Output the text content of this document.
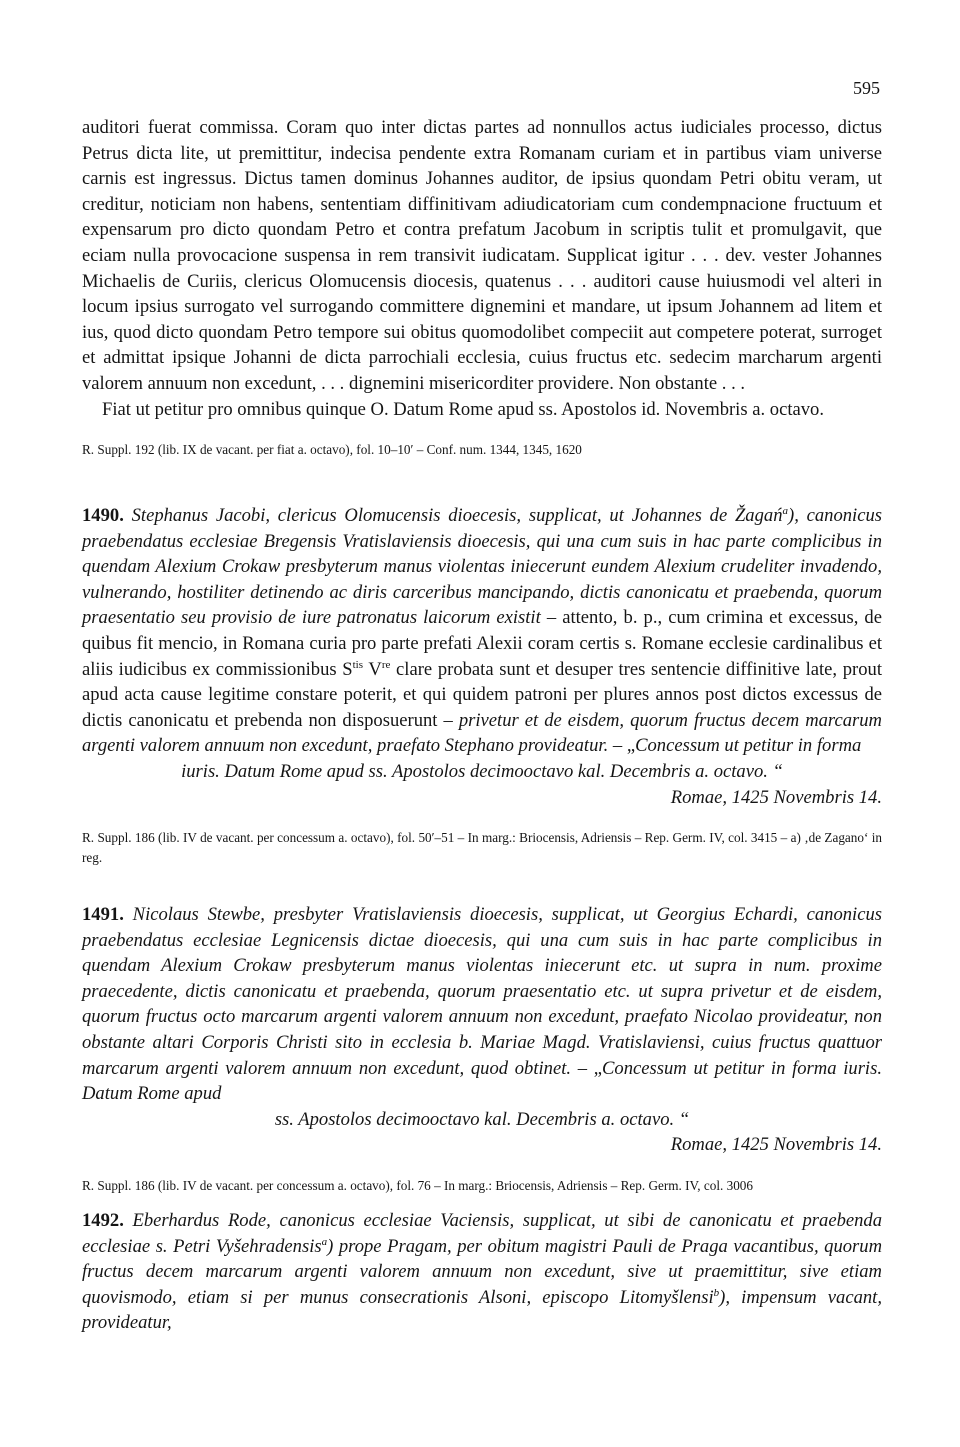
595

auditori fuerat commissa. Coram quo inter dictas partes ad nonnullos actus iudiciales processo, dictus Petrus dicta lite, ut premittitur, indecisa pendente extra Romanam curiam et in partibus viam universe carnis est ingressus. Dictus tamen dominus Johannes auditor, de ipsius quondam Petri obitu veram, ut creditur, noticiam non habens, sententiam diffinitivam adiudicatoriam cum condempnacione fructuum et expensarum pro dicto quondam Petro et contra prefatum Jacobum in scriptis tulit et promulgavit, que eciam nulla provocacione suspensa in rem transivit iudicatam. Supplicat igitur . . . dev. vester Johannes Michaelis de Curiis, clericus Olomucensis diocesis, quatenus . . . auditori cause huiusmodi vel alteri in locum ipsius surrogato vel surrogando committere dignemini et mandare, ut ipsum Johannem ad litem et ius, quod dicto quondam Petro tempore sui obitus quomodolibet compeciit aut competere poterat, surroget et admittat ipsique Johanni de dicta parrochiali ecclesia, cuius fructus etc. sedecim marcharum argenti valorem annuum non excedunt, . . . dignemini misericorditer providere. Non obstante . . .

Fiat ut petitur pro omnibus quinque O. Datum Rome apud ss. Apostolos id. Novembris a. octavo.

R. Suppl. 192 (lib. IX de vacant. per fiat a. octavo), fol. 10–10′ – Conf. num. 1344, 1345, 1620

1490. Stephanus Jacobi, clericus Olomucensis dioecesis, supplicat, ut Johannes de Žagań$^a$), canonicus praebendatus ecclesiae Bregensis Vratislaviensis dioecesis, qui una cum suis in hac parte complicibus in quendam Alexium Crokaw presbyterum manus violentas iniecerunt eundem Alexium crudeliter invadendo, vulnerando, hostiliter detinendo ac diris carceribus mancipando, dictis canonicatu et praebenda, quorum praesentatio seu provisio de iure patronatus laicorum existit – attento, b. p., cum crimina et excessus, de quibus fit mencio, in Romana curia pro parte prefati Alexii coram certis s. Romane ecclesie cardinalibus et aliis iudicibus ex commissionibus $S^{tis}$ Vre clare probata sunt et desuper tres sentencie diffinitive late, prout apud acta cause legitime constare poterit, et qui quidem patroni per plures annos post dictos excessus de dictis canonicatu et prebenda non disposuerunt – privetur et de eisdem, quorum fructus decem marcarum argenti valorem annuum non excedunt, praefato Stephano provideatur. – „Concessum ut petitur in forma

iuris. Datum Rome apud ss. Apostolos decimooctavo kal. Decembris a. octavo. “

Romae, 1425 Novembris 14.

R. Suppl. 186 (lib. IV de vacant. per concessum a. octavo), fol. 50′–51 – In marg.: Briocensis, Adriensis – Rep. Germ. IV, col. 3415 – a) ‚de Zagano‘ in reg.

1491. Nicolaus Stewbe, presbyter Vratislaviensis dioecesis, supplicat, ut Georgius Echardi, canonicus praebendatus ecclesiae Legnicensis dictae dioecesis, qui una cum suis in hac parte complicibus in quendam Alexium Crokaw presbyterum manus violentas iniecerunt etc. ut supra in num. proxime praecedente, dictis canonicatu et praebenda, quorum praesentatio etc. ut supra privetur et de eisdem, quorum fructus octo marcarum argenti valorem annuum non excedunt, praefato Nicolao provideatur, non obstante altari Corporis Christi sito in ecclesia b. Mariae Magd. Vratislaviensi, cuius fructus quattuor marcarum argenti valorem annuum non excedunt, quod obtinet. – „Concessum ut petitur in forma iuris. Datum Rome apud

ss. Apostolos decimooctavo kal. Decembris a. octavo. “

Romae, 1425 Novembris 14.

R. Suppl. 186 (lib. IV de vacant. per concessum a. octavo), fol. 76 – In marg.: Briocensis, Adriensis – Rep. Germ. IV, col. 3006

1492. Eberhardus Rode, canonicus ecclesiae Vaciensis, supplicat, ut sibi de canonicatu et praebenda ecclesiae s. Petri Vyšehradensis$^a$) prope Pragam, per obitum magistri Pauli de Praga vacantibus, quorum fructus decem marcarum argenti valorem annuum non excedunt, sive ut praemittitur, sive etiam quovismodo, etiam si per munus consecrationis Alsoni, episcopo Litomyšlensi$^b$), impensum vacant, provideatur,
